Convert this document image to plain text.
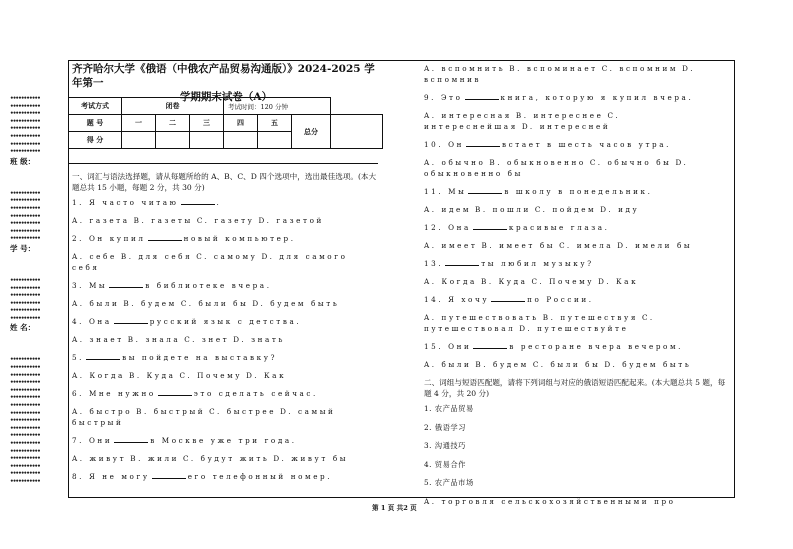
•••••••••••
•••••••••••
•••••••••••
•••••••••••
•••••••••••
•••••••••••
•••••••••••
•••••••••••
班 级：
•••••••••••
•••••••••••
•••••••••••
•••••••••••
•••••••••••
•••••••••••
•••••••••••
学 号：
•••••••••••
•••••••••••
•••••••••••
•••••••••••
•••••••••••
•••••••••••
姓 名：
•••••••••••
•••••••••••
•••••••••••
•••••••••••
•••••••••••
•••••••••••
•••••••••••
•••••••••••
•••••••••••
•••••••••••
•••••••••••
•••••••••••
•••••••••••
•••••••••••
•••••••••••
•••••••••••
•••••••••••
齐齐哈尔大学《俄语（中俄农产品贸易沟通版）》2024-2025 学年第一
学期期末试卷（A）
考试方式	闭卷			考试时间：120 分钟			
题 号	一	二	三	四	五	总分	
得 分							
一、词汇与语法选择题，请从每题所给的 A、B、C、D 四个选项中，选出最佳选项。(本大题总共 15 小题，每题 2 分，共 30 分)
1. Я часто читаю	.
A. газета B. газеты C. газету D. газетой
2. Он купил	новый компьютер.
A. себе B. для себя C. самому D. для самого себя
3. Мы	в библиотеке вчера.
A. были B. будем C. были бы D. будем быть
4. Она	русский язык с детства.
A. знает B. знала C. знет D. знать
5.	вы пойдете на выставку?
A. Когда B. Куда C. Почему D. Как
6. Мне нужно	это сделать сейчас.
A. быстро B. быстрый C. быстрее D. самый быстрый
7. Они	в Москве уже три года.
A. живут B. жили C. будут жить D. живут бы
8. Я не могу	его телефонный номер.
A. вспомнить B. вспоминает C. вспомним D. вспомнив
9. Это	книга, которую я купил вчера.
A. интересная B. интереснее C. интереснейшая D. интересней
10. Он	встает в шесть часов утра.
A. обычно B. обыкновенно C. обычно бы D. обыкновенно бы
11. Мы	в школу в понедельник.
A. идем B. пошли C. пойдем D. иду
12. Она	красивые глаза.
A. имеет B. имеет бы C. имела D. имели бы
13.	ты любил музыку?
A. Когда B. Куда C. Почему D. Как
14. Я хочу	по России.
A. путешествовать B. путешествуя C. путешествовал D. путешествуйте
15. Они	в ресторане вчера вечером.
A. были B. будем C. были бы D. будем быть
二、词组与短语匹配题，请将下列词组与对应的俄语短语匹配起来。(本大题总共 5 题，每题 4 分，共 20 分)
1. 农产品贸易
2. 俄语学习
3. 沟通技巧
4. 贸易合作
5. 农产品市场
A. торговля сельскохозяйственными про
第 1 页 共2 页
